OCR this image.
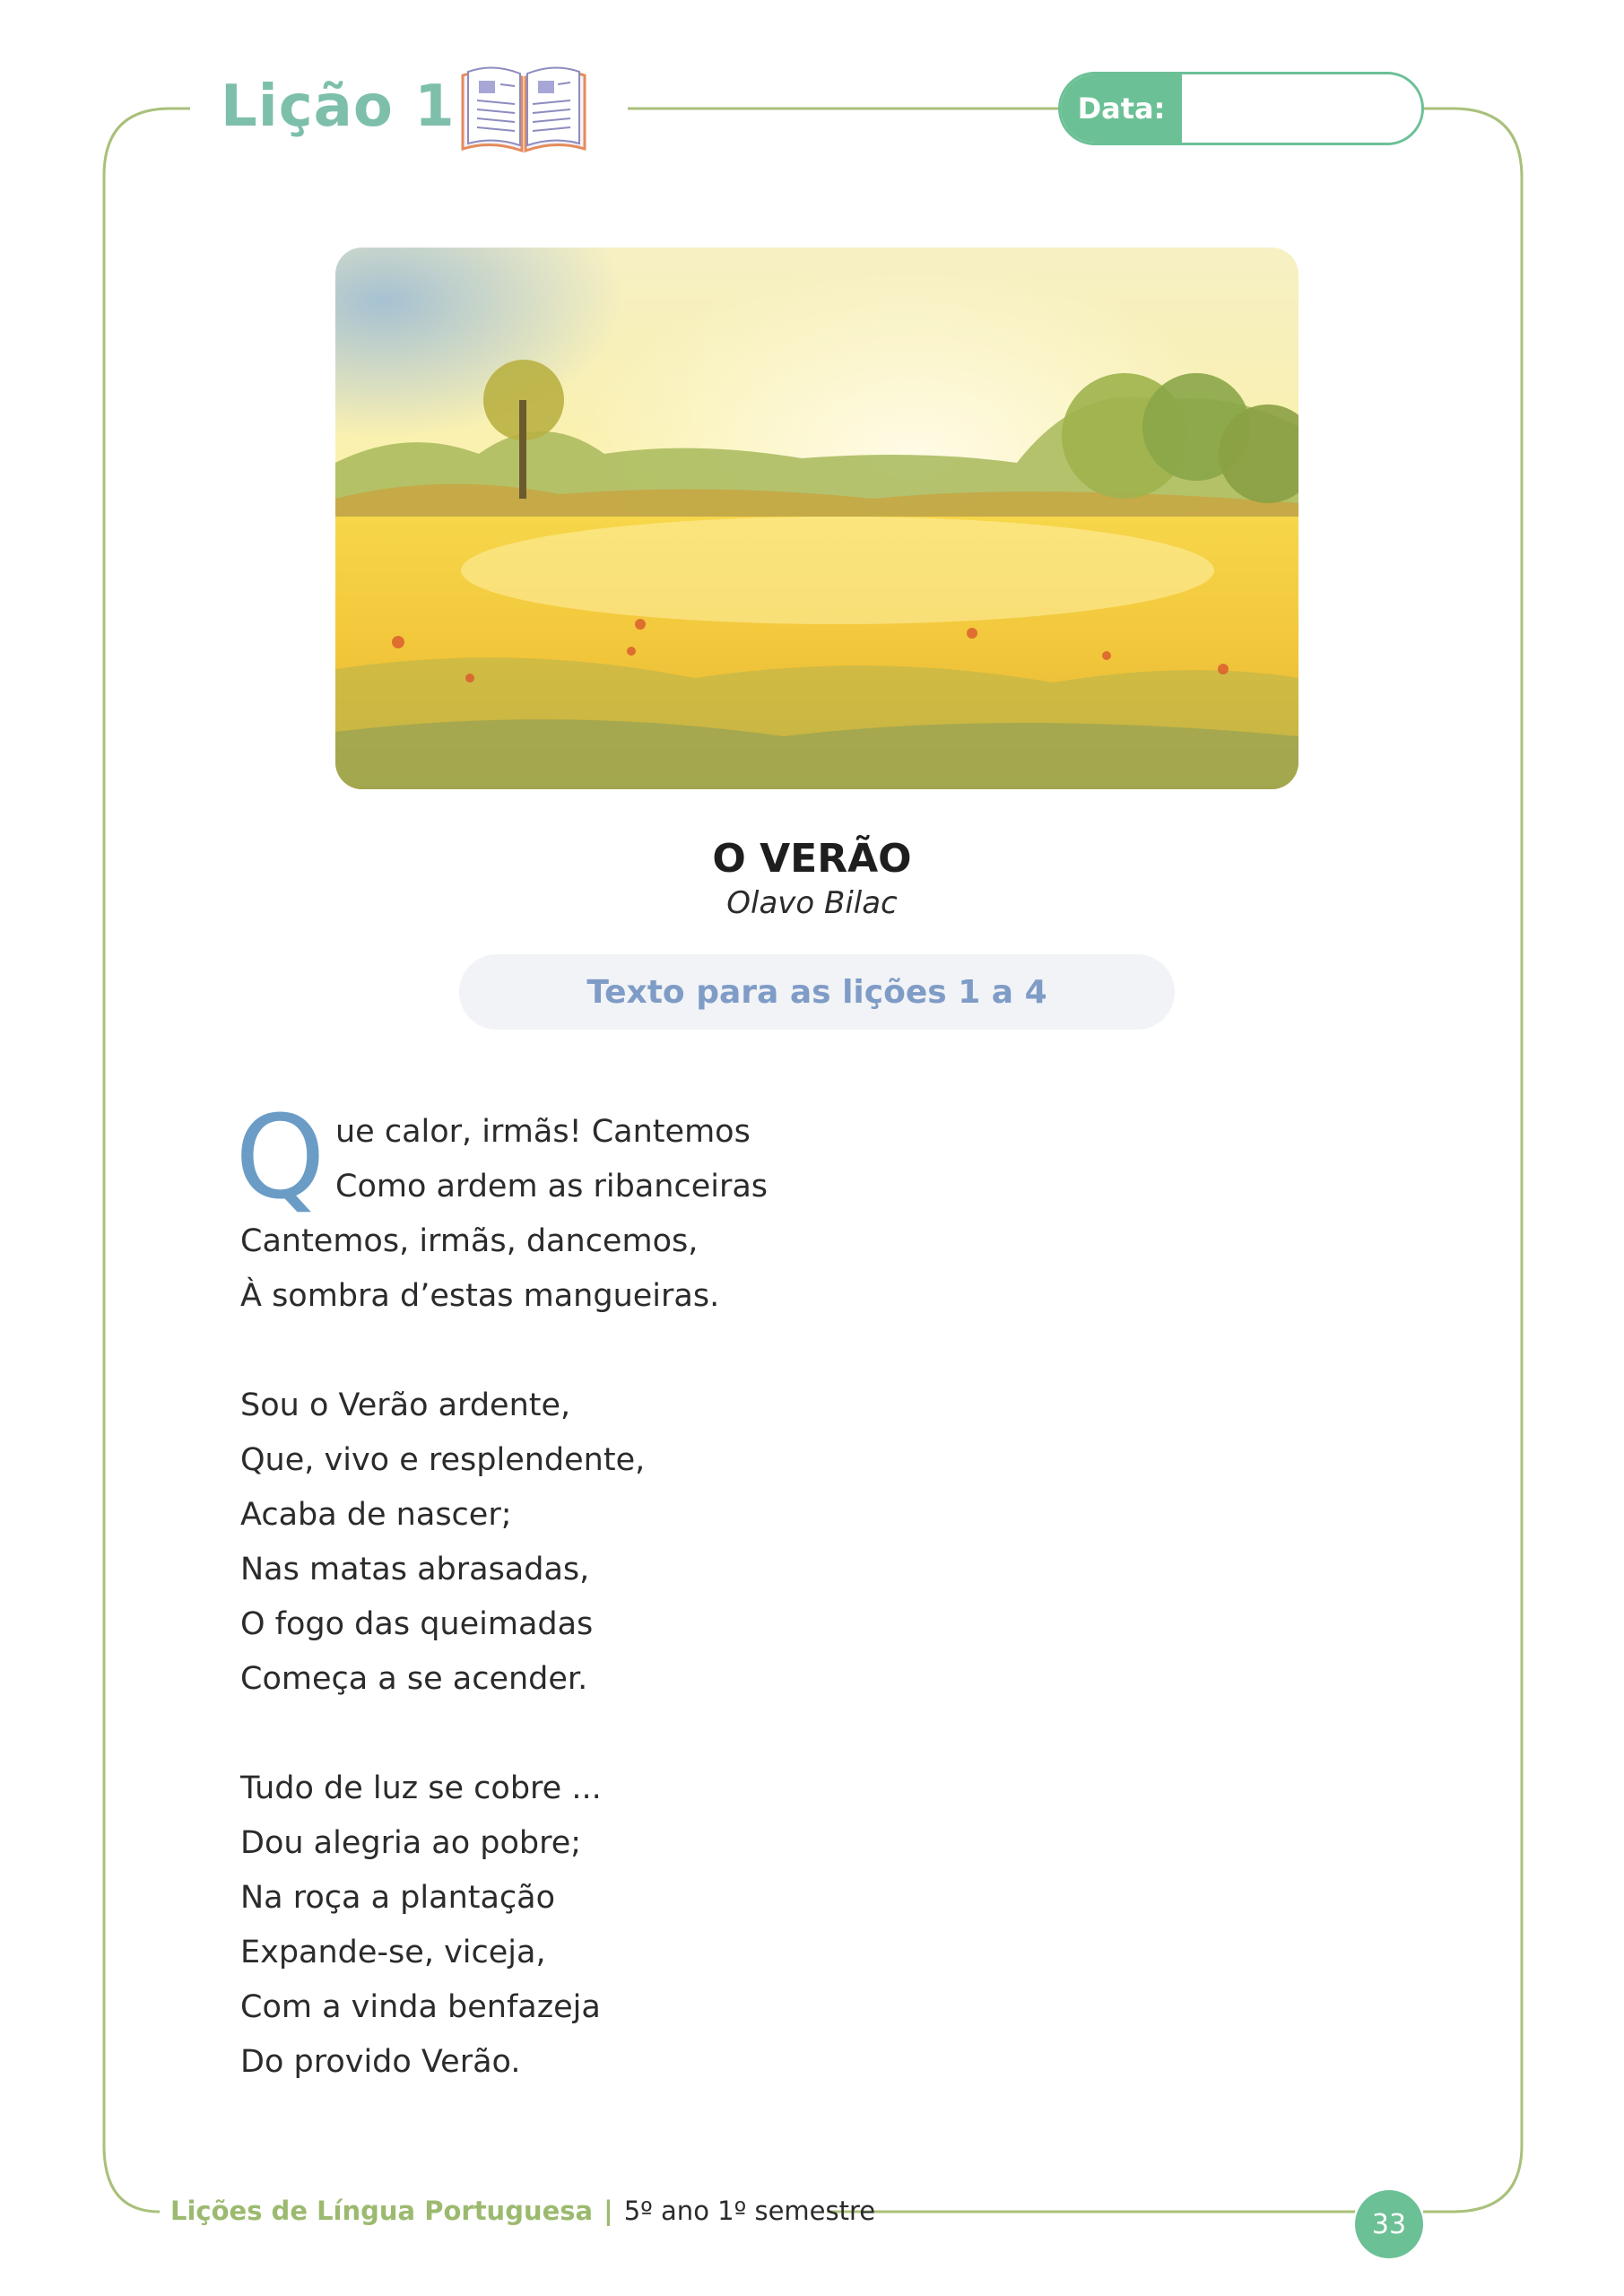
Lição 1	Data:
O VERÃO
Olavo Bilac
Texto para as lições 1 a 4
Q ue calor, irmãs! Cantemos
Como ardem as ribanceiras
Cantemos, irmãs, dancemos,
À sombra d’estas mangueiras.
Sou o Verão ardente,
Que, vivo e resplendente,
Acaba de nascer;
Nas matas abrasadas,
O fogo das queimadas
Começa a se acender.
Tudo de luz se cobre ...
Dou alegria ao pobre;
Na roça a plantação
Expande-se, viceja,
Com a vinda benfazeja
Do provido Verão.
Lições de Língua Portuguesa | 5º ano 1º semestre	33
